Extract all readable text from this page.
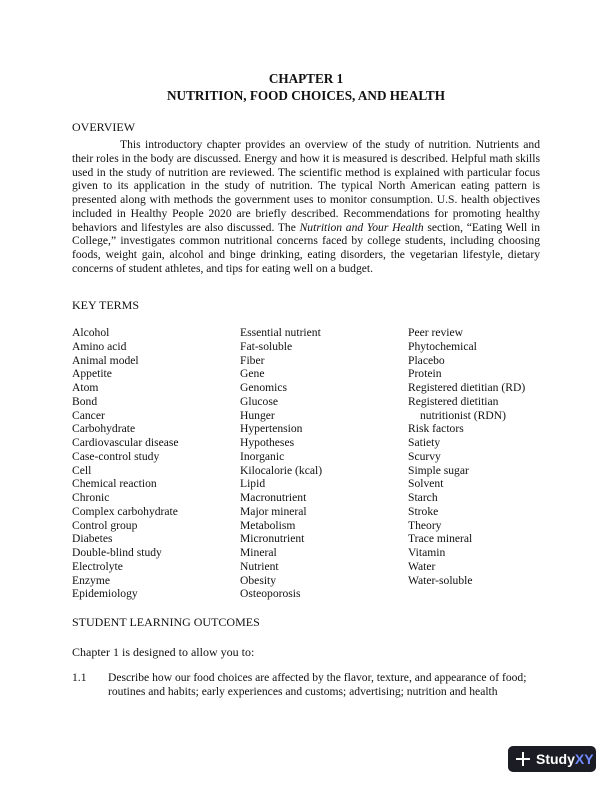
CHAPTER 1
NUTRITION, FOOD CHOICES, AND HEALTH
OVERVIEW

This introductory chapter provides an overview of the study of nutrition. Nutrients and their roles in the body are discussed. Energy and how it is measured is described. Helpful math skills used in the study of nutrition are reviewed. The scientific method is explained with particular focus given to its application in the study of nutrition. The typical North American eating pattern is presented along with methods the government uses to monitor consumption. U.S. health objectives included in Healthy People 2020 are briefly described. Recommendations for promoting healthy behaviors and lifestyles are also discussed. The Nutrition and Your Health section, “Eating Well in College,” investigates common nutritional concerns faced by college students, including choosing foods, weight gain, alcohol and binge drinking, eating disorders, the vegetarian lifestyle, dietary concerns of student athletes, and tips for eating well on a budget.

KEY TERMS
Alcohol
Amino acid
Animal model
Appetite
Atom
Bond
Cancer
Carbohydrate
Cardiovascular disease
Case-control study
Cell
Chemical reaction
Chronic
Complex carbohydrate
Control group
Diabetes
Double-blind study
Electrolyte
Enzyme
Epidemiology
Essential nutrient
Fat-soluble
Fiber
Gene
Genomics
Glucose
Hunger
Hypertension
Hypotheses
Inorganic
Kilocalorie (kcal)
Lipid
Macronutrient
Major mineral
Metabolism
Micronutrient
Mineral
Nutrient
Obesity
Osteoporosis
Peer review
Phytochemical
Placebo
Protein
Registered dietitian (RD)
Registered dietitian
nutritionist (RDN)
Risk factors
Satiety
Scurvy
Simple sugar
Solvent
Starch
Stroke
Theory
Trace mineral
Vitamin
Water
Water-soluble
STUDENT LEARNING OUTCOMES
Chapter 1 is designed to allow you to:
1.1	Describe how our food choices are affected by the flavor, texture, and appearance of food; routines and habits; early experiences and customs; advertising; nutrition and health
Study XY
